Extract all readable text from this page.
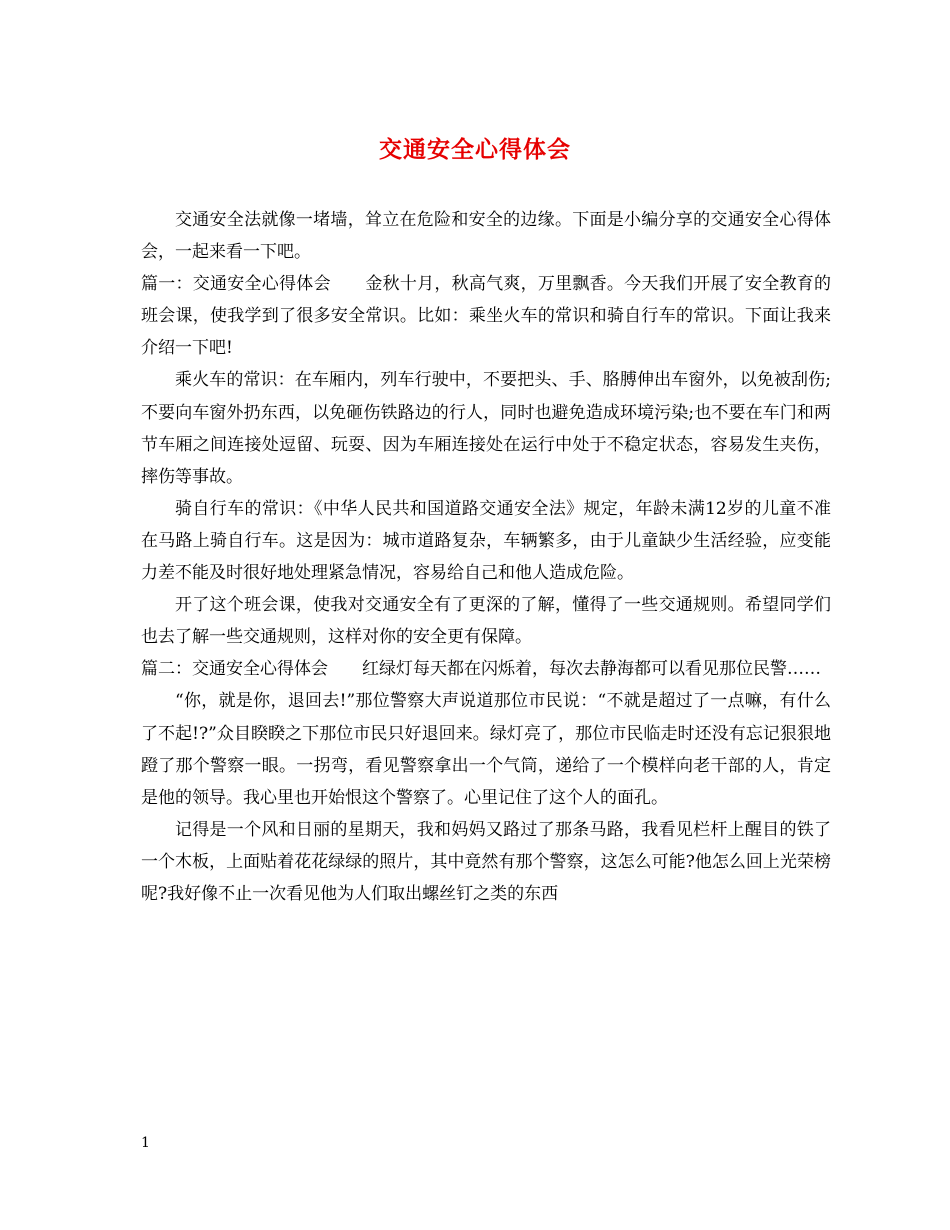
交通安全心得体会

交通安全法就像一堵墙，耸立在危险和安全的边缘。下面是小编分享的交通安全心得体会，一起来看一下吧。

篇一：交通安全心得体会　　金秋十月，秋高气爽，万里飘香。今天我们开展了安全教育的班会课，使我学到了很多安全常识。比如：乘坐火车的常识和骑自行车的常识。下面让我来介绍一下吧!

乘火车的常识：在车厢内，列车行驶中，不要把头、手、胳膊伸出车窗外，以免被刮伤;不要向车窗外扔东西，以免砸伤铁路边的行人，同时也避免造成环境污染;也不要在车门和两节车厢之间连接处逗留、玩耍、因为车厢连接处在运行中处于不稳定状态，容易发生夹伤，摔伤等事故。

骑自行车的常识：《中华人民共和国道路交通安全法》规定，年龄未满12岁的儿童不准在马路上骑自行车。这是因为：城市道路复杂，车辆繁多，由于儿童缺少生活经验，应变能力差不能及时很好地处理紧急情况，容易给自己和他人造成危险。

开了这个班会课，使我对交通安全有了更深的了解，懂得了一些交通规则。希望同学们也去了解一些交通规则，这样对你的安全更有保障。

篇二：交通安全心得体会　　红绿灯每天都在闪烁着，每次去静海都可以看见那位民警……

“你，就是你，退回去!”那位警察大声说道那位市民说：“不就是超过了一点嘛，有什么了不起!?”众目睽睽之下那位市民只好退回来。绿灯亮了，那位市民临走时还没有忘记狠狠地蹬了那个警察一眼。一拐弯，看见警察拿出一个气筒，递给了一个模样向老干部的人，肯定是他的领导。我心里也开始恨这个警察了。心里记住了这个人的面孔。

记得是一个风和日丽的星期天，我和妈妈又路过了那条马路，我看见栏杆上醒目的铁了一个木板，上面贴着花花绿绿的照片，其中竟然有那个警察，这怎么可能?他怎么回上光荣榜呢?我好像不止一次看见他为人们取出螺丝钉之类的东西

1
